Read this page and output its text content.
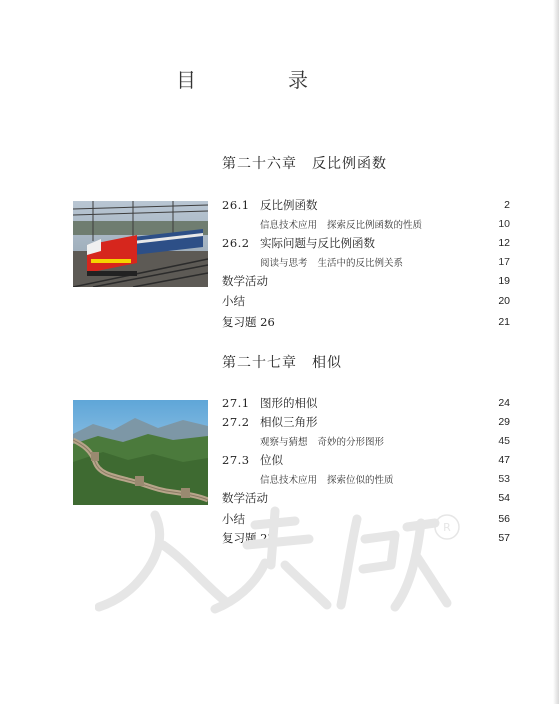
目　录
第二十六章　反比例函数
26.1 反比例函数	2
信息技术应用 探索反比例函数的性质	10
26.2 实际问题与反比例函数	12
阅读与思考 生活中的反比例关系	17
数学活动	19
小结	20
复习题 26	21
第二十七章　相似
27.1 图形的相似	24
27.2 相似三角形	29
观察与猜想 奇妙的分形图形	45
27.3 位似	47
信息技术应用 探索位似的性质	53
数学活动	54
小结	56
复习题 27	57
R
